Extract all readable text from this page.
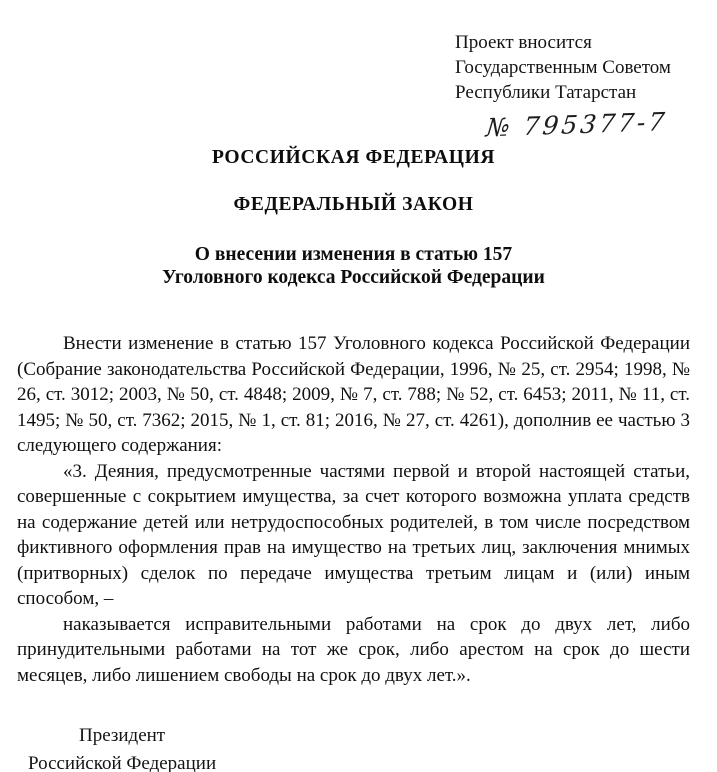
Проект вносится
Государственным Советом
Республики Татарстан
№ 795377-7
РОССИЙСКАЯ ФЕДЕРАЦИЯ
ФЕДЕРАЛЬНЫЙ ЗАКОН
О внесении изменения в статью 157
Уголовного кодекса Российской Федерации

Внести изменение в статью 157 Уголовного кодекса Российской Федерации (Собрание законодательства Российской Федерации, 1996, № 25, ст. 2954; 1998, № 26, ст. 3012; 2003, № 50, ст. 4848; 2009, № 7, ст. 788; № 52, ст. 6453; 2011, № 11, ст. 1495; № 50, ст. 7362; 2015, № 1, ст. 81; 2016, № 27, ст. 4261), дополнив ее частью 3 следующего содержания:

«3. Деяния, предусмотренные частями первой и второй настоящей статьи, совершенные с сокрытием имущества, за счет которого возможна уплата средств на содержание детей или нетрудоспособных родителей, в том числе посредством фиктивного оформления прав на имущество на третьих лиц, заключения мнимых (притворных) сделок по передаче имущества третьим лицам и (или) иным способом, –

наказывается исправительными работами на срок до двух лет, либо принудительными работами на тот же срок, либо арестом на срок до шести месяцев, либо лишением свободы на срок до двух лет.».

Президент
Российской Федерации
